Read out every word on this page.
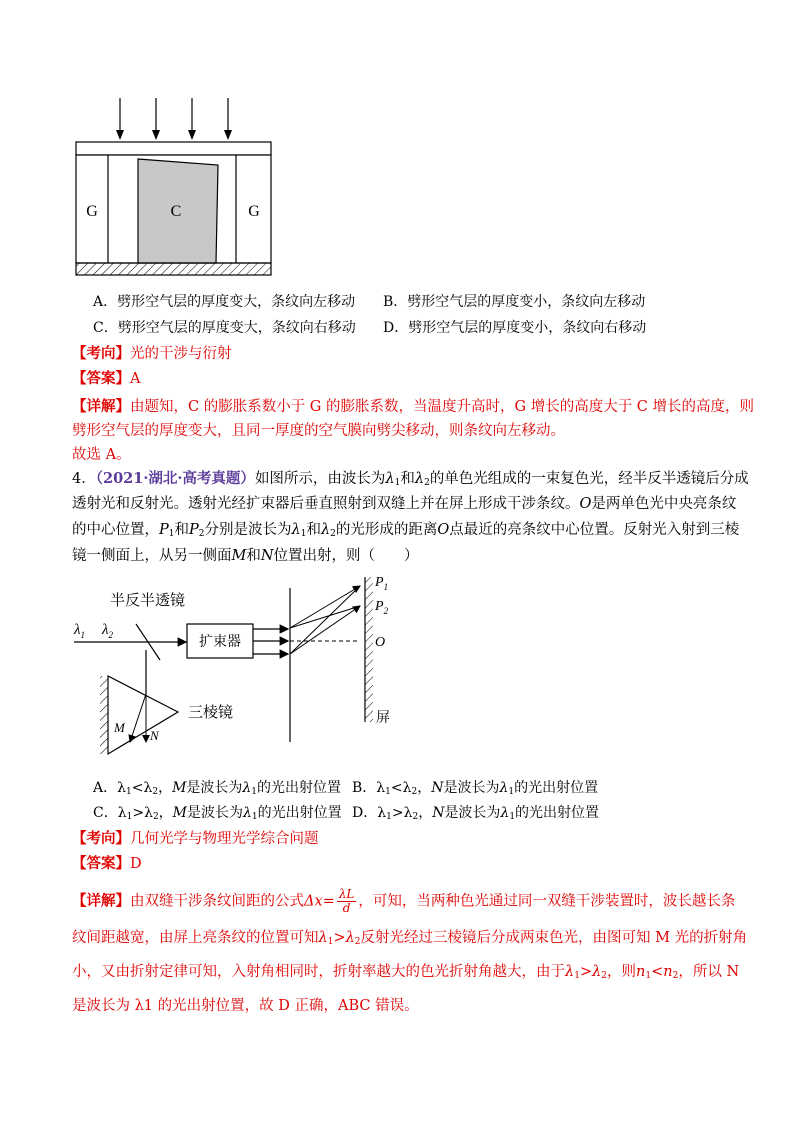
G	C	G
A．劈形空气层的厚度变大，条纹向左移动 B．劈形空气层的厚度变小，条纹向左移动
C．劈形空气层的厚度变大，条纹向右移动 D．劈形空气层的厚度变小，条纹向右移动
【考向】光的干涉与衍射
【答案】A
【详解】由题知，C 的膨胀系数小于 G 的膨胀系数，当温度升高时，G 增长的高度大于 C 增长的高度，则
劈形空气层的厚度变大，且同一厚度的空气膜向劈尖移动，则条纹向左移动。
故选 A。
4．（2021·湖北·高考真题）如图所示，由波长为$\lambda_1$和$\lambda_2$的单色光组成的一束复色光，经半反半透镜后分成
透射光和反射光。透射光经扩束器后垂直照射到双缝上并在屏上形成干涉条纹。O是两单色光中央亮条纹
的中心位置，$P_1$和$P_2$分别是波长为$\lambda_1$和$\lambda_2$的光形成的距离O点最近的亮条纹中心位置。反射光入射到三棱
镜一侧面上，从另一侧面M和N位置出射，则（　　）
半反半透镜
$\lambda_1$ $\lambda_2$	扩束器
$P_1$
$P_2$
O
屏
三棱镜
M
N
A．$\lambda_1<\lambda_2$，M是波长为$\lambda_1$的光出射位置 B．$\lambda_1<\lambda_2$，N是波长为$\lambda_1$的光出射位置
C．$\lambda_1>\lambda_2$，M是波长为$\lambda_1$的光出射位置 D．$\lambda_1>\lambda_2$，N是波长为$\lambda_1$的光出射位置
【考向】几何光学与物理光学综合问题
【答案】D
【详解】由双缝干涉条纹间距的公式$\Delta x= \frac{\lambda L}{d}$ ，可知，当两种色光通过同一双缝干涉装置时，波长越长条
纹间距越宽，由屏上亮条纹的位置可知$\lambda_1>\lambda_2$反射光经过三棱镜后分成两束色光，由图可知 M 光的折射角
小，又由折射定律可知，入射角相同时，折射率越大的色光折射角越大，由于$\lambda_1>\lambda_2$，则$n_1<n_2$，所以 N
是波长为 λ1 的光出射位置，故 D 正确，ABC 错误。
